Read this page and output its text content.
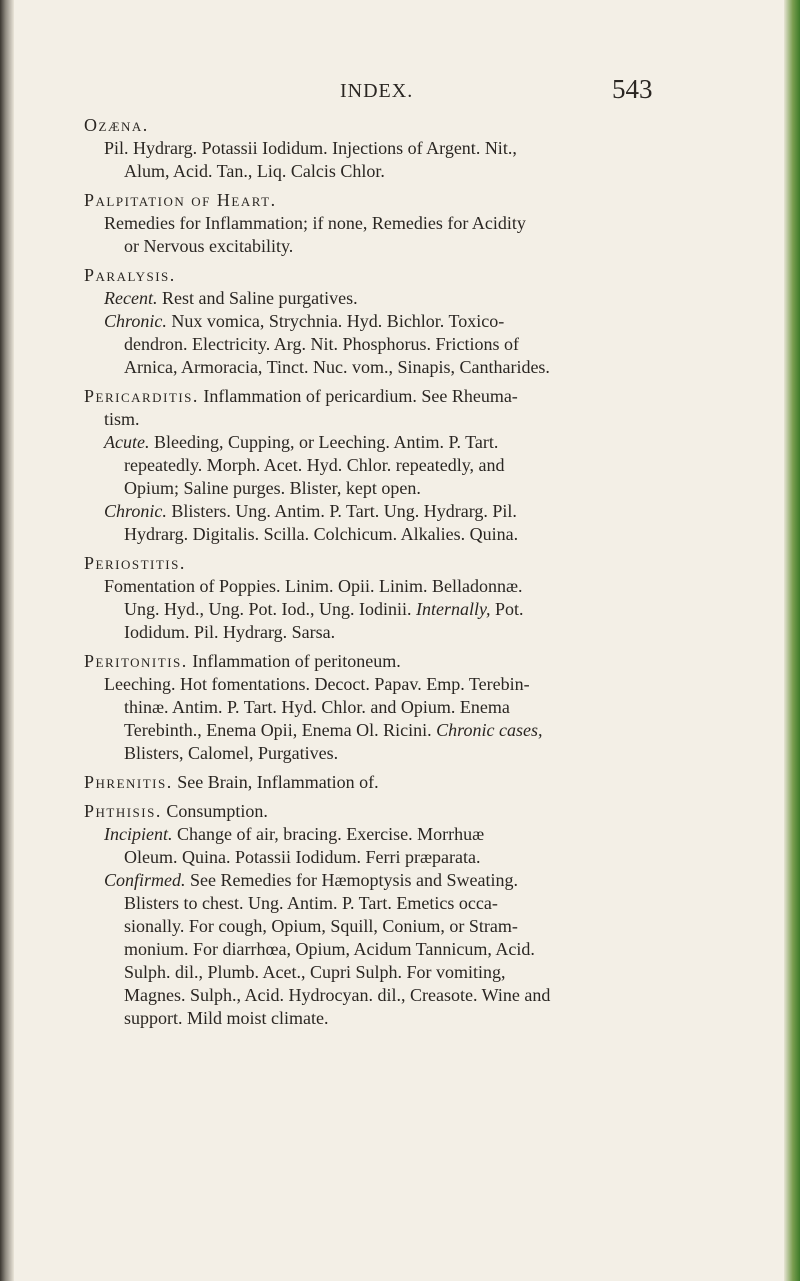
INDEX.	543
Ozæna.
Pil. Hydrarg. Potassii Iodidum. Injections of Argent. Nit.,
Alum, Acid. Tan., Liq. Calcis Chlor.
Palpitation of Heart.
Remedies for Inflammation; if none, Remedies for Acidity
or Nervous excitability.
Paralysis.
Recent. Rest and Saline purgatives.
Chronic. Nux vomica, Strychnia. Hyd. Bichlor. Toxico-
dendron. Electricity. Arg. Nit. Phosphorus. Frictions of
Arnica, Armoracia, Tinct. Nuc. vom., Sinapis, Cantharides.
Pericarditis. Inflammation of pericardium. See Rheuma-
tism.
Acute. Bleeding, Cupping, or Leeching. Antim. P. Tart.
repeatedly. Morph. Acet. Hyd. Chlor. repeatedly, and
Opium; Saline purges. Blister, kept open.
Chronic. Blisters. Ung. Antim. P. Tart. Ung. Hydrarg. Pil.
Hydrarg. Digitalis. Scilla. Colchicum. Alkalies. Quina.
Periostitis.
Fomentation of Poppies. Linim. Opii. Linim. Belladonnæ.
Ung. Hyd., Ung. Pot. Iod., Ung. Iodinii. Internally, Pot.
Iodidum. Pil. Hydrarg. Sarsa.
Peritonitis. Inflammation of peritoneum.
Leeching. Hot fomentations. Decoct. Papav. Emp. Terebin-
thinæ. Antim. P. Tart. Hyd. Chlor. and Opium. Enema
Terebinth., Enema Opii, Enema Ol. Ricini. Chronic cases,
Blisters, Calomel, Purgatives.
Phrenitis. See Brain, Inflammation of.
Phthisis. Consumption.
Incipient. Change of air, bracing. Exercise. Morrhuæ
Oleum. Quina. Potassii Iodidum. Ferri præparata.
Confirmed. See Remedies for Hæmoptysis and Sweating.
Blisters to chest. Ung. Antim. P. Tart. Emetics occa-
sionally. For cough, Opium, Squill, Conium, or Stram-
monium. For diarrhœa, Opium, Acidum Tannicum, Acid.
Sulph. dil., Plumb. Acet., Cupri Sulph. For vomiting,
Magnes. Sulph., Acid. Hydrocyan. dil., Creasote. Wine and
support. Mild moist climate.
